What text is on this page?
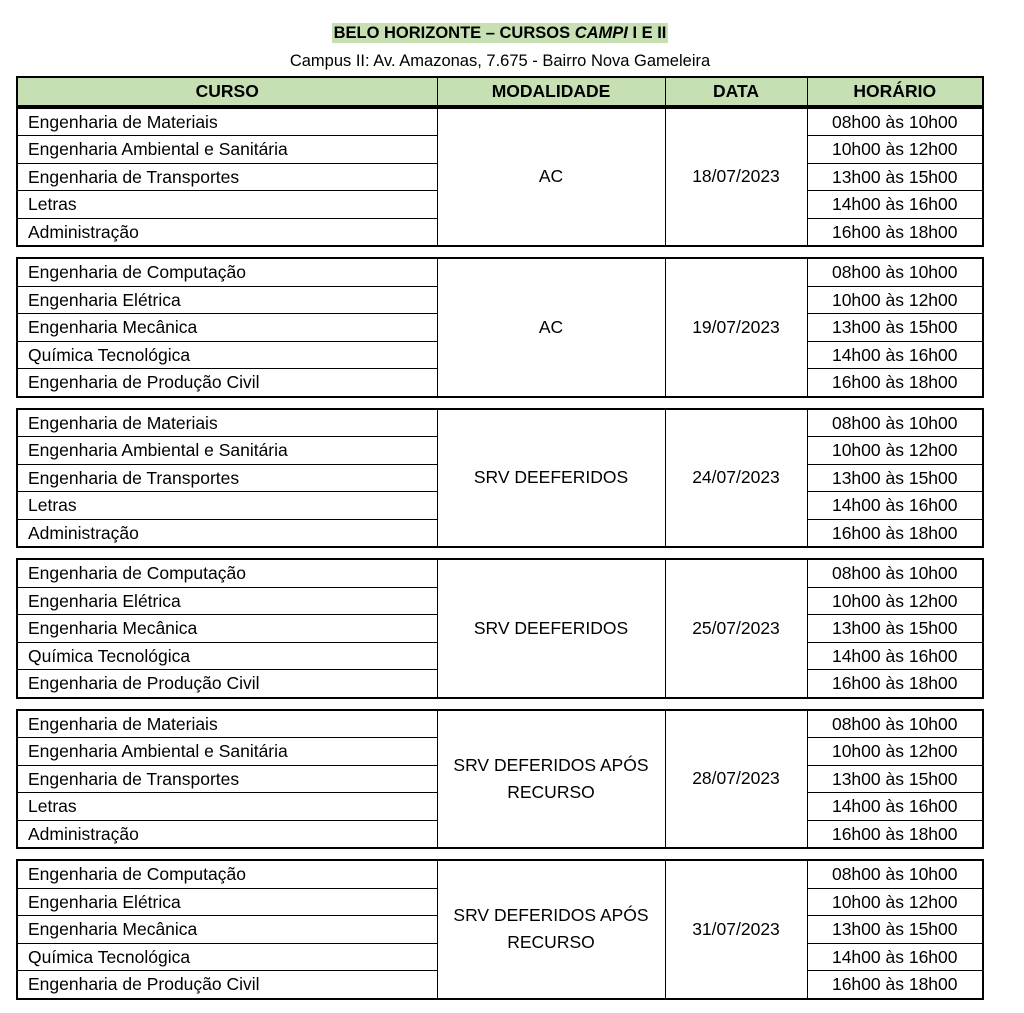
BELO HORIZONTE – CURSOS CAMPI I E II
Campus II: Av. Amazonas, 7.675 - Bairro Nova Gameleira
CURSO	MODALIDADE	DATA	HORÁRIO
Engenharia de Materiais	AC	18/07/2023	08h00 às 10h00
Engenharia Ambiental e Sanitária			10h00 às 12h00
Engenharia de Transportes			13h00 às 15h00
Letras			14h00 às 16h00
Administração			16h00 às 18h00
Engenharia de Computação	AC	19/07/2023	08h00 às 10h00
Engenharia Elétrica			10h00 às 12h00
Engenharia Mecânica			13h00 às 15h00
Química Tecnológica			14h00 às 16h00
Engenharia de Produção Civil			16h00 às 18h00
Engenharia de Materiais	SRV DEEFERIDOS	24/07/2023	08h00 às 10h00
Engenharia Ambiental e Sanitária			10h00 às 12h00
Engenharia de Transportes			13h00 às 15h00
Letras			14h00 às 16h00
Administração			16h00 às 18h00
Engenharia de Computação	SRV DEEFERIDOS	25/07/2023	08h00 às 10h00
Engenharia Elétrica			10h00 às 12h00
Engenharia Mecânica			13h00 às 15h00
Química Tecnológica			14h00 às 16h00
Engenharia de Produção Civil			16h00 às 18h00
Engenharia de Materiais	SRV DEFERIDOS APÓS RECURSO	28/07/2023	08h00 às 10h00
Engenharia Ambiental e Sanitária			10h00 às 12h00
Engenharia de Transportes			13h00 às 15h00
Letras			14h00 às 16h00
Administração			16h00 às 18h00
Engenharia de Computação	SRV DEFERIDOS APÓS RECURSO	31/07/2023	08h00 às 10h00
Engenharia Elétrica			10h00 às 12h00
Engenharia Mecânica			13h00 às 15h00
Química Tecnológica			14h00 às 16h00
Engenharia de Produção Civil			16h00 às 18h00
